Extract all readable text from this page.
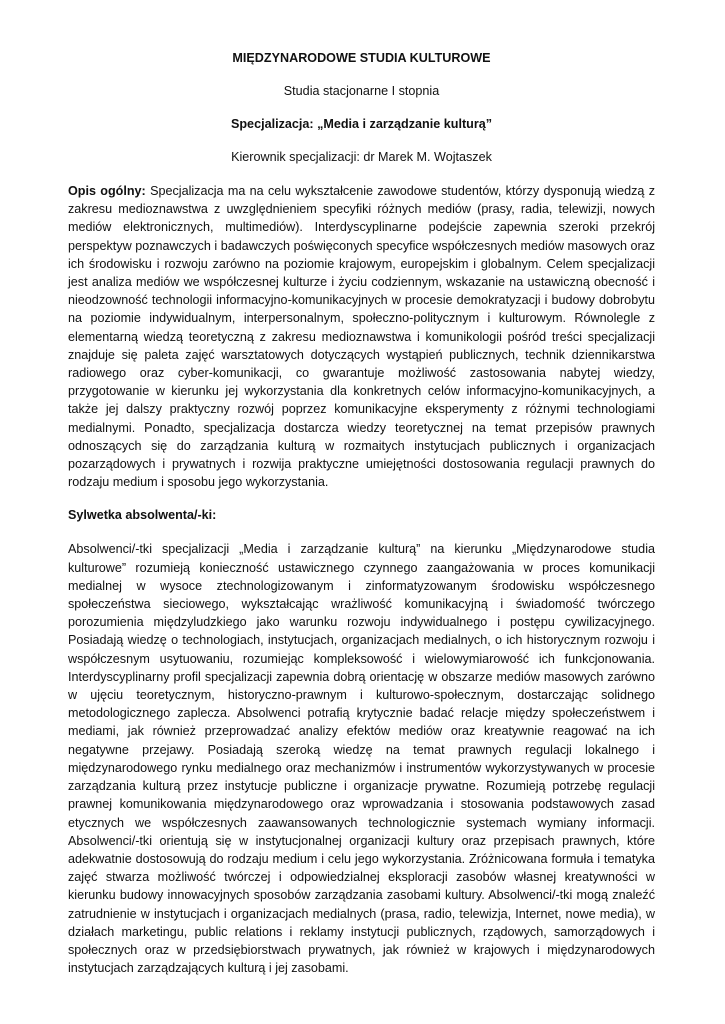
MIĘDZYNARODOWE STUDIA KULTUROWE
Studia stacjonarne I stopnia
Specjalizacja: „Media i zarządzanie kulturą”
Kierownik specjalizacji: dr Marek M. Wojtaszek

Opis ogólny: Specjalizacja ma na celu wykształcenie zawodowe studentów, którzy dysponują wiedzą z zakresu medioznawstwa z uwzględnieniem specyfiki różnych mediów (prasy, radia, telewizji, nowych mediów elektronicznych, multimediów). Interdyscyplinarne podejście zapewnia szeroki przekrój perspektyw poznawczych i badawczych poświęconych specyfice współczesnych mediów masowych oraz ich środowisku i rozwoju zarówno na poziomie krajowym, europejskim i globalnym. Celem specjalizacji jest analiza mediów we współczesnej kulturze i życiu codziennym, wskazanie na ustawiczną obecność i nieodzowność technologii informacyjno-komunikacyjnych w procesie demokratyzacji i budowy dobrobytu na poziomie indywidualnym, interpersonalnym, społeczno-politycznym i kulturowym. Równolegle z elementarną wiedzą teoretyczną z zakresu medioznawstwa i komunikologii pośród treści specjalizacji znajduje się paleta zajęć warsztatowych dotyczących wystąpień publicznych, technik dziennikarstwa radiowego oraz cyber-komunikacji, co gwarantuje możliwość zastosowania nabytej wiedzy, przygotowanie w kierunku jej wykorzystania dla konkretnych celów informacyjno-komunikacyjnych, a także jej dalszy praktyczny rozwój poprzez komunikacyjne eksperymenty z różnymi technologiami medialnymi. Ponadto, specjalizacja dostarcza wiedzy teoretycznej na temat przepisów prawnych odnoszących się do zarządzania kulturą w rozmaitych instytucjach publicznych i organizacjach pozarządowych i prywatnych i rozwija praktyczne umiejętności dostosowania regulacji prawnych do rodzaju medium i sposobu jego wykorzystania.

Sylwetka absolwenta/-ki:

Absolwenci/-tki specjalizacji „Media i zarządzanie kulturą” na kierunku „Międzynarodowe studia kulturowe” rozumieją konieczność ustawicznego czynnego zaangażowania w proces komunikacji medialnej w wysoce ztechnologizowanym i zinformatyzowanym środowisku współczesnego społeczeństwa sieciowego, wykształcając wrażliwość komunikacyjną i świadomość twórczego porozumienia międzyludzkiego jako warunku rozwoju indywidualnego i postępu cywilizacyjnego. Posiadają wiedzę o technologiach, instytucjach, organizacjach medialnych, o ich historycznym rozwoju i współczesnym usytuowaniu, rozumiejąc kompleksowość i wielowymiarowość ich funkcjonowania. Interdyscyplinarny profil specjalizacji zapewnia dobrą orientację w obszarze mediów masowych zarówno w ujęciu teoretycznym, historyczno-prawnym i kulturowo-społecznym, dostarczając solidnego metodologicznego zaplecza. Absolwenci potrafią krytycznie badać relacje między społeczeństwem i mediami, jak również przeprowadzać analizy efektów mediów oraz kreatywnie reagować na ich negatywne przejawy. Posiadają szeroką wiedzę na temat prawnych regulacji lokalnego i międzynarodowego rynku medialnego oraz mechanizmów i instrumentów wykorzystywanych w procesie zarządzania kulturą przez instytucje publiczne i organizacje prywatne. Rozumieją potrzebę regulacji prawnej komunikowania międzynarodowego oraz wprowadzania i stosowania podstawowych zasad etycznych we współczesnych zaawansowanych technologicznie systemach wymiany informacji. Absolwenci/-tki orientują się w instytucjonalnej organizacji kultury oraz przepisach prawnych, które adekwatnie dostosowują do rodzaju medium i celu jego wykorzystania. Zróżnicowana formuła i tematyka zajęć stwarza możliwość twórczej i odpowiedzialnej eksploracji zasobów własnej kreatywności w kierunku budowy innowacyjnych sposobów zarządzania zasobami kultury. Absolwenci/-tki mogą znaleźć zatrudnienie w instytucjach i organizacjach medialnych (prasa, radio, telewizja, Internet, nowe media), w działach marketingu, public relations i reklamy instytucji publicznych, rządowych, samorządowych i społecznych oraz w przedsiębiorstwach prywatnych, jak również w krajowych i międzynarodowych instytucjach zarządzających kulturą i jej zasobami.
